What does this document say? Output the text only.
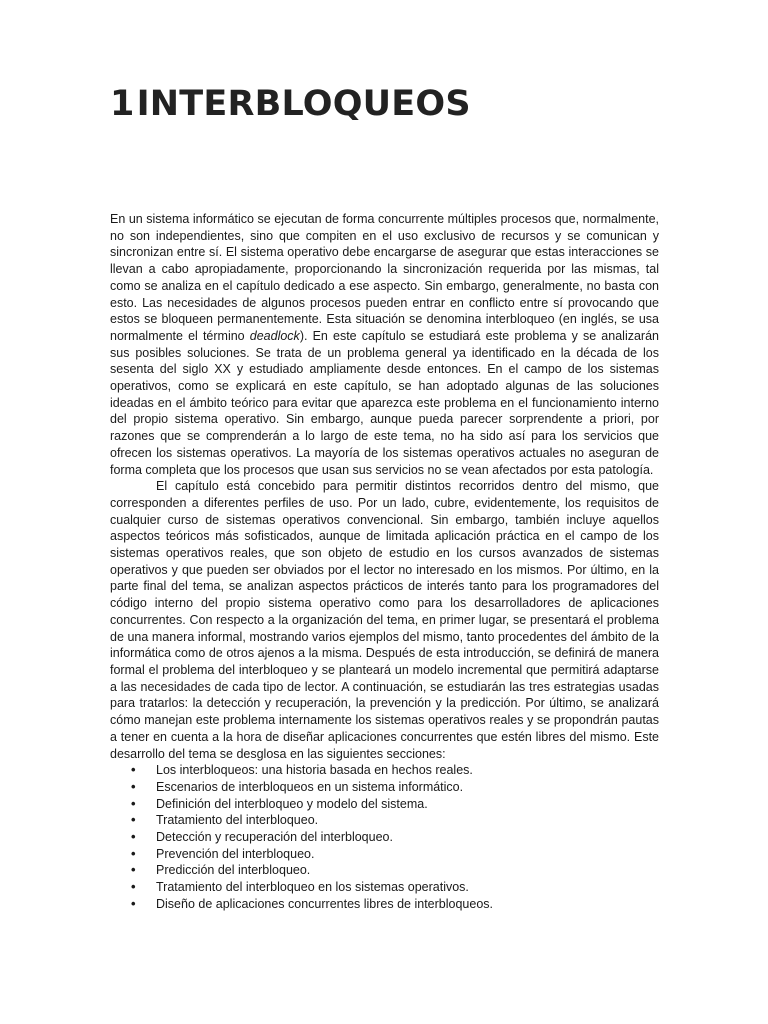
1INTERBLOQUEOS

En un sistema informático se ejecutan de forma concurrente múltiples procesos que, normalmente, no son independientes, sino que compiten en el uso exclusivo de recursos y se comunican y sincronizan entre sí. El sistema operativo debe encargarse de asegurar que estas interacciones se llevan a cabo apropiadamente, proporcionando la sincronización requerida por las mismas, tal como se analiza en el capítulo dedicado a ese aspecto. Sin embargo, generalmente, no basta con esto. Las necesidades de algunos procesos pueden entrar en conflicto entre sí provocando que estos se bloqueen permanentemente. Esta situación se denomina interbloqueo (en inglés, se usa normalmente el término deadlock). En este capítulo se estudiará este problema y se analizarán sus posibles soluciones. Se trata de un problema general ya identificado en la década de los sesenta del siglo XX y estudiado ampliamente desde entonces. En el campo de los sistemas operativos, como se explicará en este capítulo, se han adoptado algunas de las soluciones ideadas en el ámbito teórico para evitar que aparezca este problema en el funcionamiento interno del propio sistema operativo. Sin embargo, aunque pueda parecer sorprendente a priori, por razones que se comprenderán a lo largo de este tema, no ha sido así para los servicios que ofrecen los sistemas operativos. La mayoría de los sistemas operativos actuales no aseguran de forma completa que los procesos que usan sus servicios no se vean afectados por esta patología.

El capítulo está concebido para permitir distintos recorridos dentro del mismo, que corresponden a diferentes perfiles de uso. Por un lado, cubre, evidentemente, los requisitos de cualquier curso de sistemas operativos convencional. Sin embargo, también incluye aquellos aspectos teóricos más sofisticados, aunque de limitada aplicación práctica en el campo de los sistemas operativos reales, que son objeto de estudio en los cursos avanzados de sistemas operativos y que pueden ser obviados por el lector no interesado en los mismos. Por último, en la parte final del tema, se analizan aspectos prácticos de interés tanto para los programadores del código interno del propio sistema operativo como para los desarrolladores de aplicaciones concurrentes. Con respecto a la organización del tema, en primer lugar, se presentará el problema de una manera informal, mostrando varios ejemplos del mismo, tanto procedentes del ámbito de la informática como de otros ajenos a la misma. Después de esta introducción, se definirá de manera formal el problema del interbloqueo y se planteará un modelo incremental que permitirá adaptarse a las necesidades de cada tipo de lector. A continuación, se estudiarán las tres estrategias usadas para tratarlos: la detección y recuperación, la prevención y la predicción. Por último, se analizará cómo manejan este problema internamente los sistemas operativos reales y se propondrán pautas a tener en cuenta a la hora de diseñar aplicaciones concurrentes que estén libres del mismo. Este desarrollo del tema se desglosa en las siguientes secciones:

• Los interbloqueos: una historia basada en hechos reales.
• Escenarios de interbloqueos en un sistema informático.
• Definición del interbloqueo y modelo del sistema.
• Tratamiento del interbloqueo.
• Detección y recuperación del interbloqueo.
• Prevención del interbloqueo.
• Predicción del interbloqueo.
• Tratamiento del interbloqueo en los sistemas operativos.
• Diseño de aplicaciones concurrentes libres de interbloqueos.
